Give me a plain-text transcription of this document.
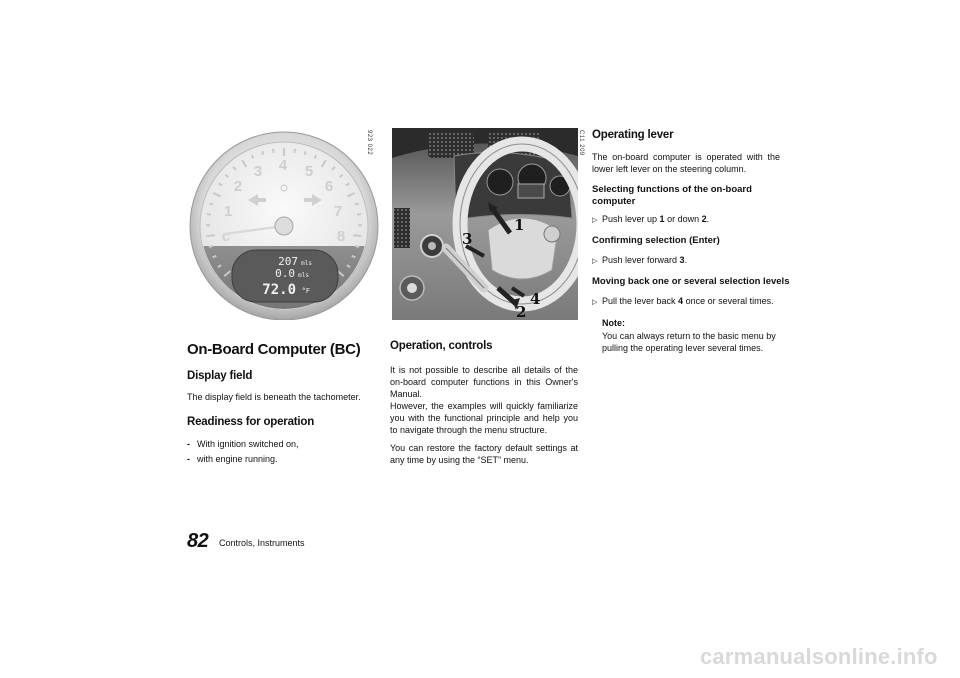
1
2
3 4 5
6
7
8
c
207 mls
0.0 mls
72.0 °F
923 022
1
2
3
4
C11 209
On-Board Computer (BC)
Display field
The display field is beneath the tachometer.
Readiness for operation
- With ignition switched on,
- with engine running.
Operation, controls
It is not possible to describe all details of the on-board computer functions in this Owner's Manual.
However, the examples will quickly familiarize you with the functional principle and help you to navigate through the menu structure.
You can restore the factory default settings at any time by using the “SET” menu.
Operating lever
The on-board computer is operated with the lower left lever on the steering column.
Selecting functions of the on-board computer
▷ Push lever up 1 or down 2.
Confirming selection (Enter)
▷ Push lever forward 3.
Moving back one or several selection levels
▷ Pull the lever back 4 once or several times.
Note:
You can always return to the basic menu by pulling the operating lever several times.
82 Controls, Instruments
carmanualsonline.info
